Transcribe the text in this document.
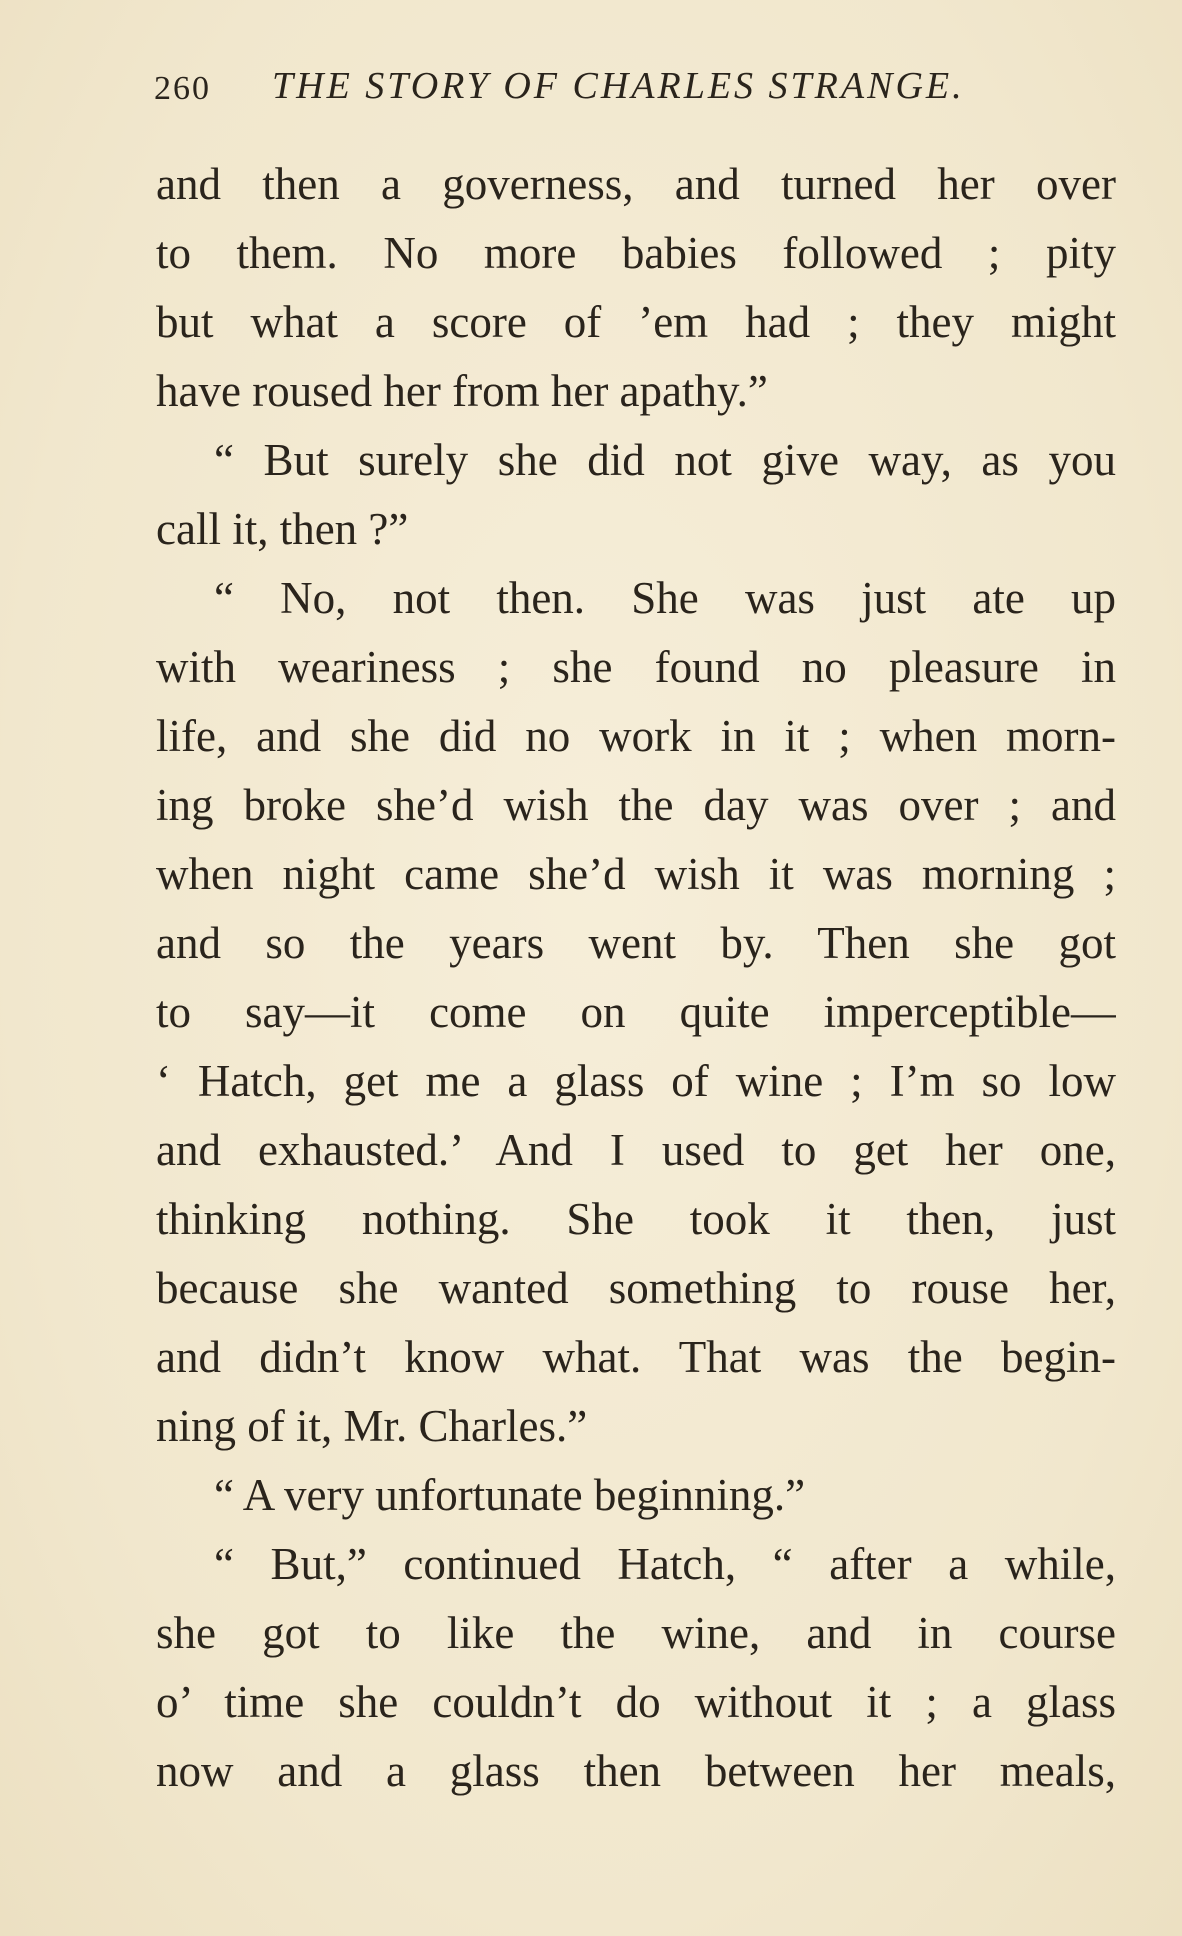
260 THE STORY OF CHARLES STRANGE.
and then a governess, and turned her over
to them. No more babies followed ; pity
but what a score of ’em had ; they might
have roused her from her apathy.”
“ But surely she did not give way, as you
call it, then ?”
“ No, not then. She was just ate up
with weariness ; she found no pleasure in
life, and she did no work in it ; when morn-
ing broke she’d wish the day was over ; and
when night came she’d wish it was morning ;
and so the years went by. Then she got
to say—it come on quite imperceptible—
‘ Hatch, get me a glass of wine ; I’m so low
and exhausted.’ And I used to get her one,
thinking nothing. She took it then, just
because she wanted something to rouse her,
and didn’t know what. That was the begin-
ning of it, Mr. Charles.”
“ A very unfortunate beginning.”
“ But,” continued Hatch, “ after a while,
she got to like the wine, and in course
o’ time she couldn’t do without it ; a glass
now and a glass then between her meals,
